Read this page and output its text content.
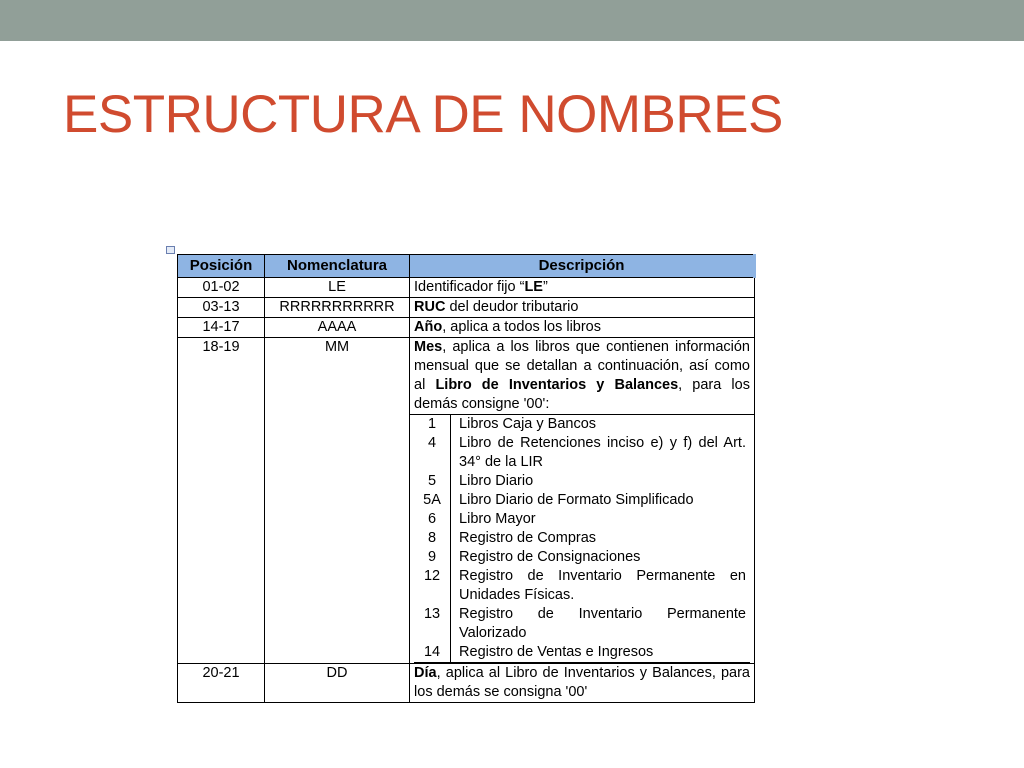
ESTRUCTURA DE NOMBRES
Posición	Nomenclatura	Descripción
01-02	LE	Identificador fijo “LE”
03-13	RRRRRRRRRRR	RUC del deudor tributario
14-17	AAAA	Año, aplica a todos los libros
18-19	MM	Mes, aplica a los libros que contienen información mensual que se detallan a continuación, así como al Libro de Inventarios y Balances, para los demás consigne '00':

1	Libros Caja y Bancos
4	Libro de Retenciones inciso e) y f) del Art. 34° de la LIR
5	Libro Diario
5A	Libro Diario de Formato Simplificado
6	Libro Mayor
8	Registro de Compras
9	Registro de Consignaciones
12	Registro de Inventario Permanente en Unidades Físicas.
13	Registro de Inventario Permanente Valorizado
14	Registro de Ventas e Ingresos

20-21	DD	Día, aplica al Libro de Inventarios y Balances, para los demás se consigna '00'
